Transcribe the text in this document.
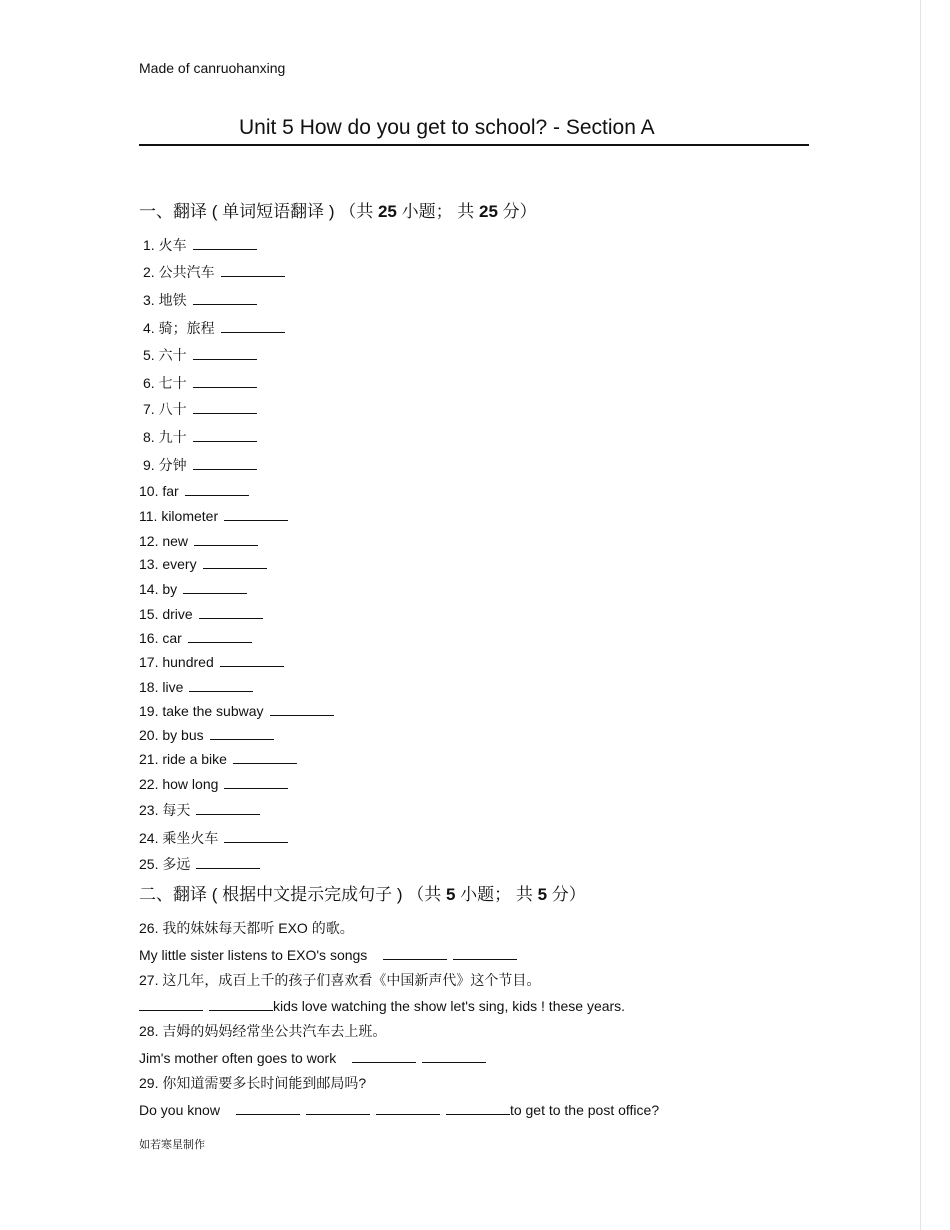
Made of canruohanxing
Unit 5 How do you get to school? - Section A
一、翻译 ( 单词短语翻译 ) （共 25 小题； 共 25 分）
1. 火车
2. 公共汽车
3. 地铁
4. 骑；旅程
5. 六十
6. 七十
7. 八十
8. 九十
9. 分钟
10. far
11. kilometer
12. new
13. every
14. by
15. drive
16. car
17. hundred
18. live
19. take the subway
20. by bus
21. ride a bike
22. how long
23. 每天
24. 乘坐火车
25. 多远
二、翻译 ( 根据中文提示完成句子 ) （共 5 小题； 共 5 分）
26. 我的妹妹每天都听 EXO 的歌。
My little sister listens to EXO's songs
27. 这几年，成百上千的孩子们喜欢看《中国新声代》这个节目。
kids love watching the show let's sing, kids ! these years.
28. 吉姆的妈妈经常坐公共汽车去上班。
Jim's mother often goes to work
29. 你知道需要多长时间能到邮局吗?
Do you know	to get to the post office?
如若寒星制作
